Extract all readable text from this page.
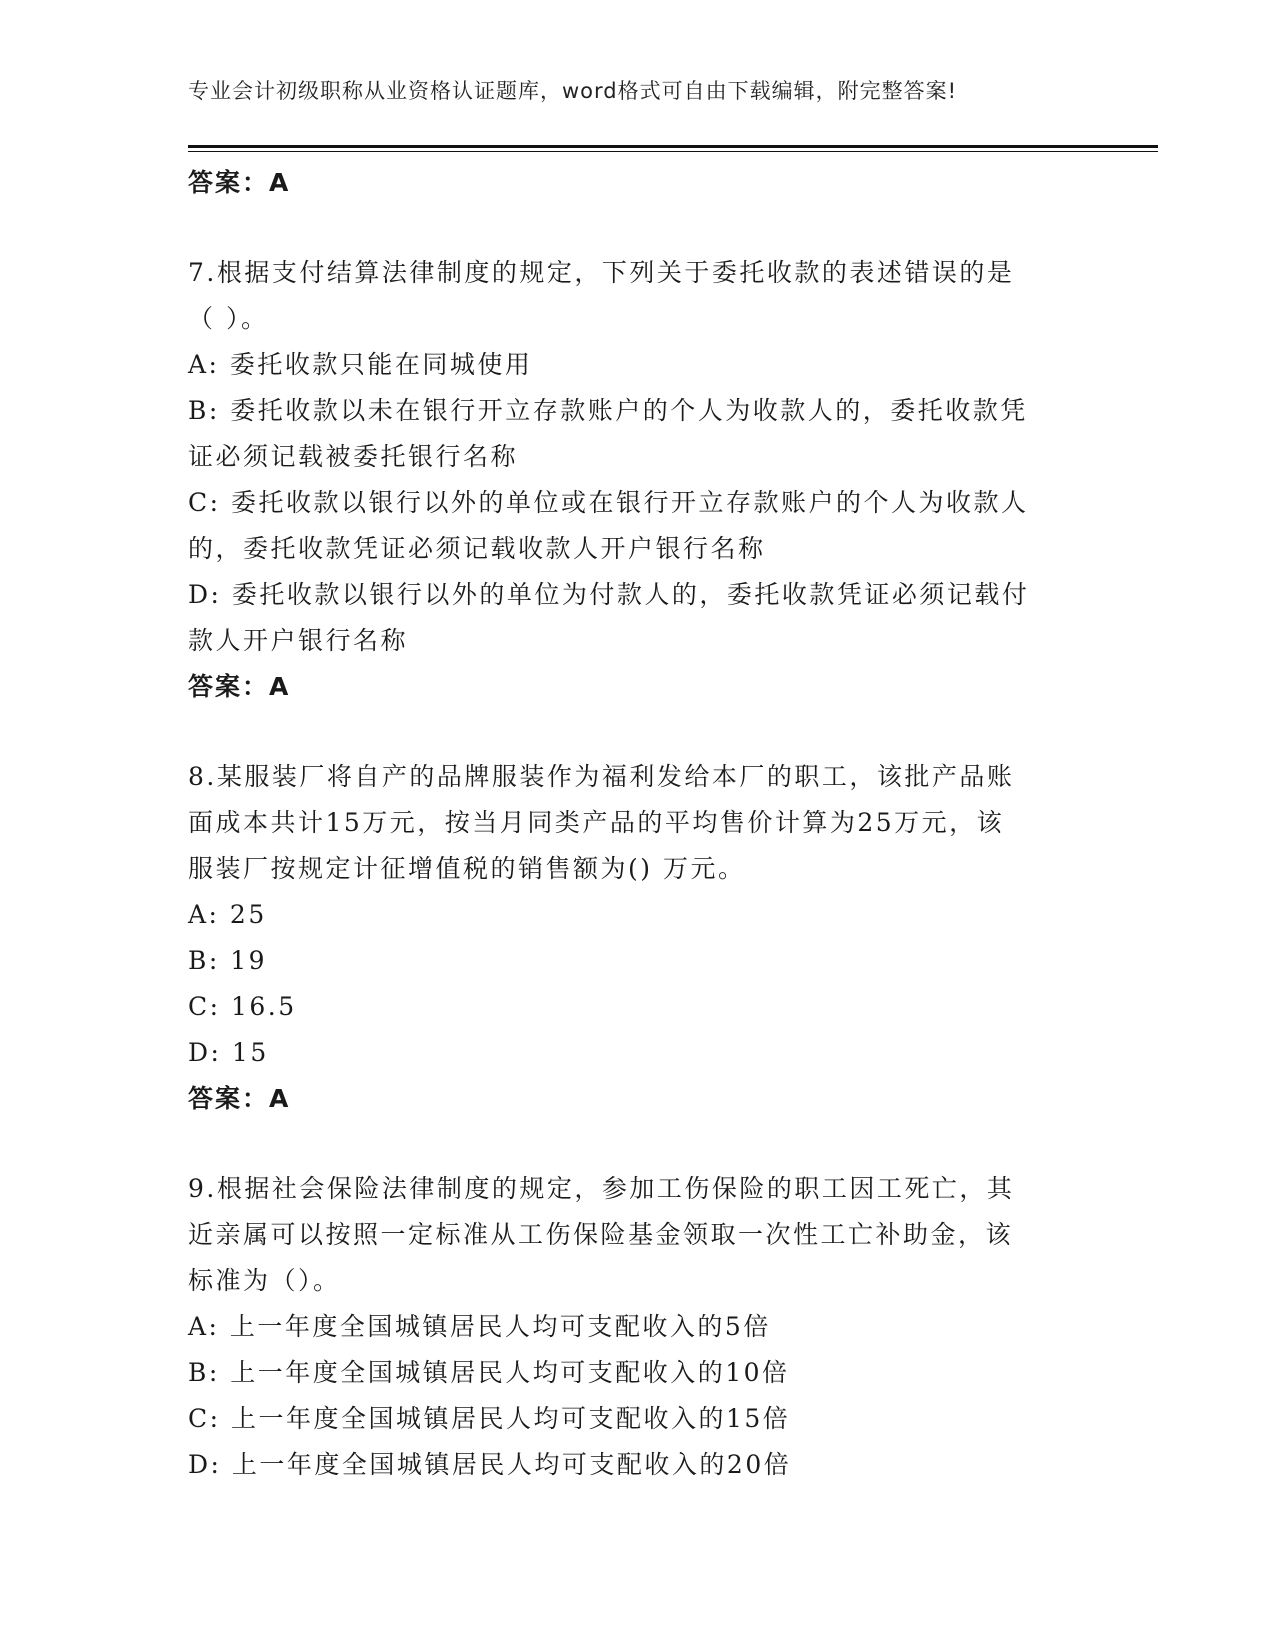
专业会计初级职称从业资格认证题库，word格式可自由下载编辑，附完整答案!
答案：A
7.根据支付结算法律制度的规定，下列关于委托收款的表述错误的是
（ ）。
A: 委托收款只能在同城使用
B: 委托收款以未在银行开立存款账户的个人为收款人的，委托收款凭
证必须记载被委托银行名称
C: 委托收款以银行以外的单位或在银行开立存款账户的个人为收款人
的，委托收款凭证必须记载收款人开户银行名称
D: 委托收款以银行以外的单位为付款人的，委托收款凭证必须记载付
款人开户银行名称
答案：A
8.某服装厂将自产的品牌服装作为福利发给本厂的职工，该批产品账
面成本共计15万元，按当月同类产品的平均售价计算为25万元，该
服装厂按规定计征增值税的销售额为() 万元。
A: 25
B: 19
C: 16.5
D: 15
答案：A
9.根据社会保险法律制度的规定，参加工伤保险的职工因工死亡，其
近亲属可以按照一定标准从工伤保险基金领取一次性工亡补助金，该
标准为（）。
A: 上一年度全国城镇居民人均可支配收入的5倍
B: 上一年度全国城镇居民人均可支配收入的10倍
C: 上一年度全国城镇居民人均可支配收入的15倍
D: 上一年度全国城镇居民人均可支配收入的20倍
